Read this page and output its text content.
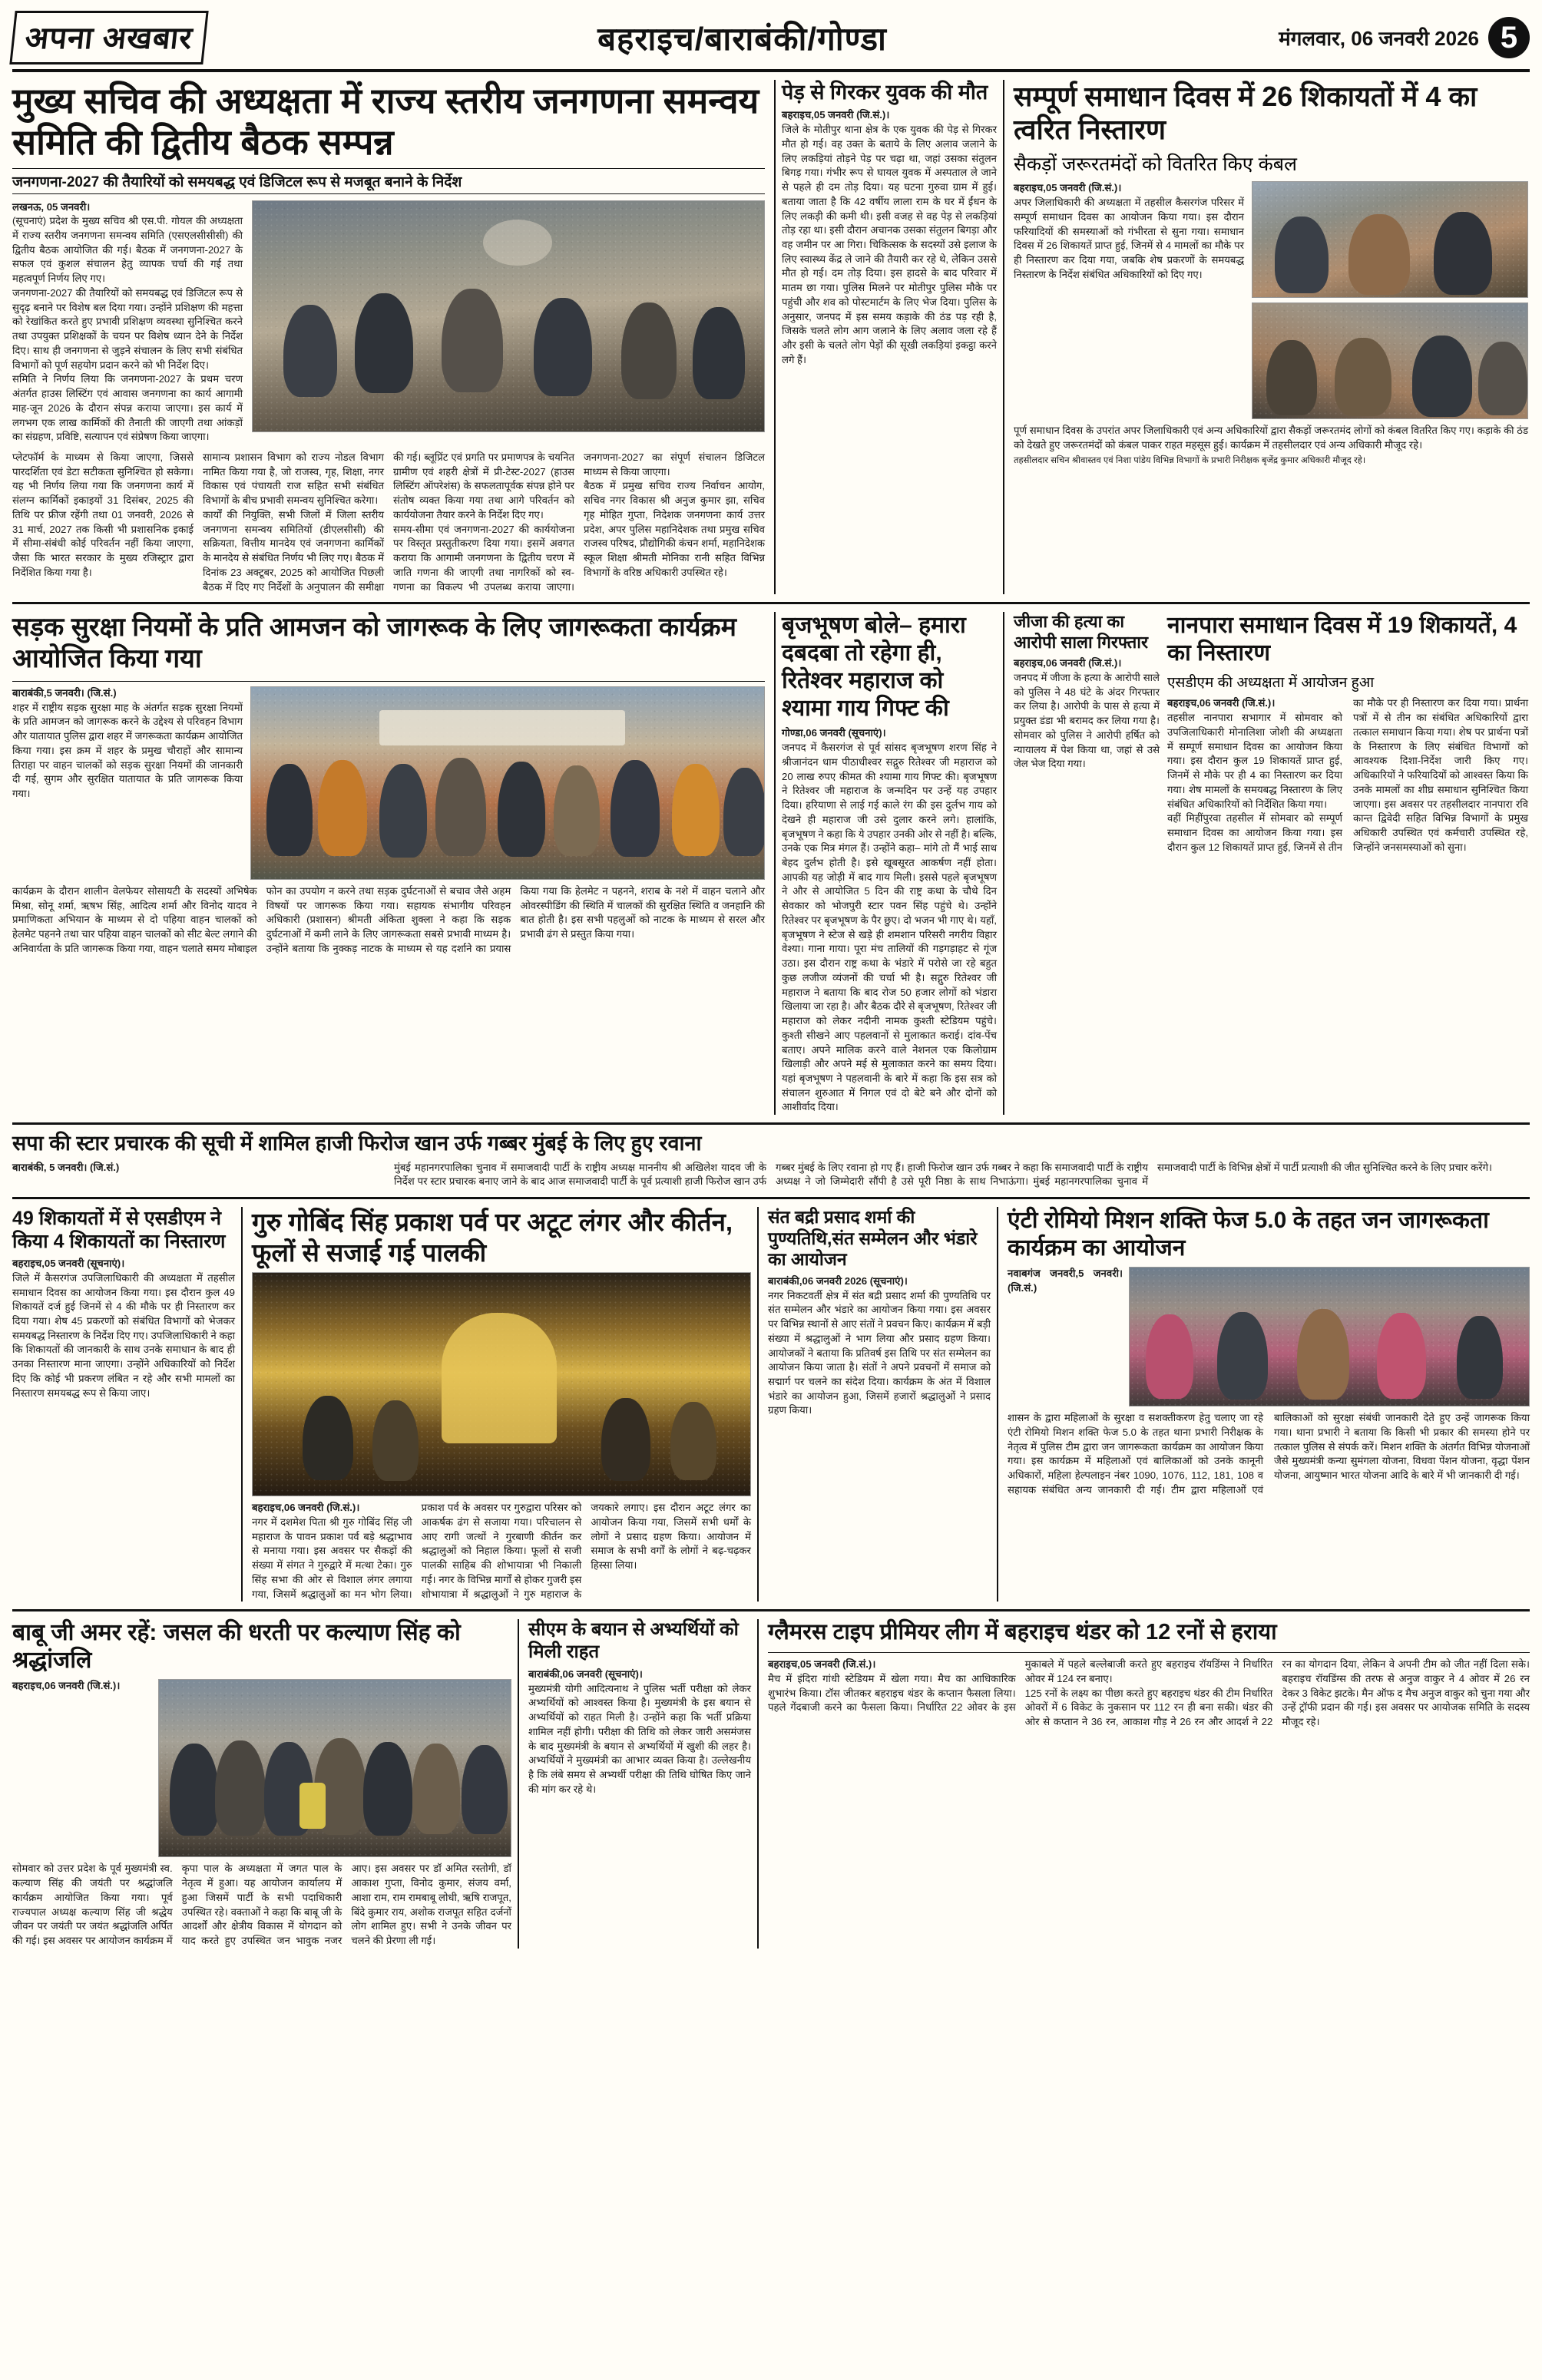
अपना अखबार	बहराइच/बाराबंकी/गोण्डा	मंगलवार, 06 जनवरी 2026 5
मुख्य सचिव की अध्यक्षता में राज्य स्तरीय जनगणना समन्वय समिति की द्वितीय बैठक सम्पन्न
जनगणना-2027 की तैयारियों को समयबद्ध एवं डिजिटल रूप से मजबूत बनाने के निर्देश
लखनऊ, 05 जनवरी।
(सूचनाएं) प्रदेश के मुख्य सचिव श्री एस.पी. गोयल की अध्यक्षता में राज्य स्तरीय जनगणना समन्वय समिति (एसएलसीसीसी) की द्वितीय बैठक आयोजित की गई। बैठक में जनगणना-2027 के सफल एवं कुशल संचालन हेतु व्यापक चर्चा की गई तथा महत्वपूर्ण निर्णय लिए गए।
जनगणना-2027 की तैयारियों को समयबद्ध एवं डिजिटल रूप से सुदृढ़ बनाने पर विशेष बल दिया गया। उन्होंने प्रशिक्षण की महत्ता को रेखांकित करते हुए प्रभावी प्रशिक्षण व्यवस्था सुनिश्चित करने तथा उपयुक्त प्रशिक्षकों के चयन पर विशेष ध्यान देने के निर्देश दिए। साथ ही जनगणना से जुड़ने संचालन के लिए सभी संबंधित विभागों को पूर्ण सहयोग प्रदान करने को भी निर्देश दिए।
समिति ने निर्णय लिया कि जनगणना-2027 के प्रथम चरण अंतर्गत हाउस लिस्टिंग एवं आवास जनगणना का कार्य आगामी माह-जून 2026 के दौरान संपन्न कराया जाएगा। इस कार्य में लगभग एक लाख कार्मिकों की तैनाती की जाएगी तथा आंकड़ों का संग्रहण, प्रविष्टि, सत्यापन एवं संप्रेषण किया जाएगा।
प्लेटफॉर्म के माध्यम से किया जाएगा, जिससे पारदर्शिता एवं डेटा सटीकता सुनिश्चित हो सकेगा। यह भी निर्णय लिया गया कि जनगणना कार्य में संलग्न कार्मिकों इकाइयों 31 दिसंबर, 2025 की तिथि पर फ्रीज रहेंगी तथा 01 जनवरी, 2026 से 31 मार्च, 2027 तक किसी भी प्रशासनिक इकाई में सीमा-संबंधी कोई परिवर्तन नहीं किया जाएगा, जैसा कि भारत सरकार के मुख्य रजिस्ट्रार द्वारा निर्देशित किया गया है।
सामान्य प्रशासन विभाग को राज्य नोडल विभाग नामित किया गया है, जो राजस्व, गृह, शिक्षा, नगर विकास एवं पंचायती राज सहित सभी संबंधित विभागों के बीच प्रभावी समन्वय सुनिश्चित करेगा।
कार्यों की नियुक्ति, सभी जिलों में जिला स्तरीय जनगणना समन्वय समितियों (डीएलसीसी) की सक्रियता, वित्तीय मानदेय एवं जनगणना कार्मिकों के मानदेय से संबंधित निर्णय भी लिए गए। बैठक में दिनांक 23 अक्टूबर, 2025 को आयोजित पिछली बैठक में दिए गए निर्देशों के अनुपालन की समीक्षा की गई। ब्लूप्रिंट एवं प्रगति पर प्रमाणपत्र के चयनित ग्रामीण एवं शहरी क्षेत्रों में प्री-टेस्ट-2027 (हाउस लिस्टिंग ऑपरेशंस) के सफलतापूर्वक संपन्न होने पर संतोष व्यक्त किया गया तथा आगे परिवर्तन को कार्ययोजना तैयार करने के निर्देश दिए गए।
समय-सीमा एवं जनगणना-2027 की कार्ययोजना पर विस्तृत प्रस्तुतीकरण दिया गया। इसमें अवगत कराया कि आगामी जनगणना के द्वितीय चरण में जाति गणना की जाएगी तथा नागरिकों को स्व-गणना का विकल्प भी उपलब्ध कराया जाएगा। जनगणना-2027 का संपूर्ण संचालन डिजिटल माध्यम से किया जाएगा।
बैठक में प्रमुख सचिव राज्य निर्वाचन आयोग, सचिव नगर विकास श्री अनुज कुमार झा, सचिव गृह मोहित गुप्ता, निदेशक जनगणना कार्य उत्तर प्रदेश, अपर पुलिस महानिदेशक तथा प्रमुख सचिव राजस्व परिषद, प्रौद्योगिकी कंचन शर्मा, महानिदेशक स्कूल शिक्षा श्रीमती मोनिका रानी सहित विभिन्न विभागों के वरिष्ठ अधिकारी उपस्थित रहे।
पेड़ से गिरकर युवक की मौत
बहराइच,05 जनवरी (जि.सं.)।
जिले के मोतीपुर थाना क्षेत्र के एक युवक की पेड़ से गिरकर मौत हो गई। वह उक्त के बताये के लिए अलाव जलाने के लिए लकड़ियां तोड़ने पेड़ पर चढ़ा था, जहां उसका संतुलन बिगड़ गया। गंभीर रूप से घायल युवक में अस्पताल ले जाने से पहले ही दम तोड़ दिया। यह घटना गुरुवा ग्राम में हुई। बताया जाता है कि 42 वर्षीय लाला राम के घर में ईंधन के लिए लकड़ी की कमी थी। इसी वजह से वह पेड़ से लकड़ियां तोड़ रहा था। इसी दौरान अचानक उसका संतुलन बिगड़ा और वह जमीन पर आ गिरा। चिकित्सक के सदस्यों उसे इलाज के लिए स्वास्थ्य केंद्र ले जाने की तैयारी कर रहे थे, लेकिन उससे मौत हो गई। दम तोड़ दिया। इस हादसे के बाद परिवार में मातम छा गया। पुलिस मिलने पर मोतीपुर पुलिस मौके पर पहुंची और शव को पोस्टमार्टम के लिए भेज दिया। पुलिस के अनुसार, जनपद में इस समय कड़ाके की ठंड पड़ रही है, जिसके चलते लोग आग जलाने के लिए अलाव जला रहे हैं और इसी के चलते लोग पेड़ों की सूखी लकड़ियां इकट्ठा करने लगे हैं।
सम्पूर्ण समाधान दिवस में 26 शिकायतों में 4 का त्वरित निस्तारण
सैकड़ों जरूरतमंदों को वितरित किए कंबल
बहराइच,05 जनवरी (जि.सं.)।
अपर जिलाधिकारी की अध्यक्षता में तहसील कैसरगंज परिसर में सम्पूर्ण समाधान दिवस का आयोजन किया गया। इस दौरान फरियादियों की समस्याओं को गंभीरता से सुना गया। समाधान दिवस में 26 शिकायतें प्राप्त हुई, जिनमें से 4 मामलों का मौके पर ही निस्तारण कर दिया गया, जबकि शेष प्रकरणों के समयबद्ध निस्तारण के निर्देश संबंधित अधिकारियों को दिए गए।
पूर्ण समाधान दिवस के उपरांत अपर जिलाधिकारी एवं अन्य अधिकारियों द्वारा सैकड़ों जरूरतमंद लोगों को कंबल वितरित किए गए। कड़ाके की ठंड को देखते हुए जरूरतमंदों को कंबल पाकर राहत महसूस हुई। कार्यक्रम में तहसीलदार एवं अन्य अधिकारी मौजूद रहे।
तहसीलदार सचिन श्रीवास्तव एवं निशा पांडेय विभिन्न विभागों के प्रभारी निरीक्षक बृजेंद्र कुमार अधिकारी मौजूद रहे।
सड़क सुरक्षा नियमों के प्रति आमजन को जागरूक के लिए जागरूकता कार्यक्रम आयोजित किया गया
बाराबंकी,5 जनवरी। (जि.सं.)
शहर में राष्ट्रीय सड़क सुरक्षा माह के अंतर्गत सड़क सुरक्षा नियमों के प्रति आमजन को जागरूक करने के उद्देश्य से परिवहन विभाग और यातायात पुलिस द्वारा शहर में जगरूकता कार्यक्रम आयोजित किया गया। इस क्रम में शहर के प्रमुख चौराहों और सामान्य तिराहा पर वाहन चालकों को सड़क सुरक्षा नियमों की जानकारी दी गई, सुगम और सुरक्षित यातायात के प्रति जागरूक किया गया।
कार्यक्रम के दौरान शालीन वेलफेयर सोसायटी के सदस्यों अभिषेक मिश्रा, सोनू शर्मा, ऋषभ सिंह, आदित्य शर्मा और विनोद यादव ने प्रमाणिकता अभियान के माध्यम से दो पहिया वाहन चालकों को हेलमेट पहनने तथा चार पहिया वाहन चालकों को सीट बेल्ट लगाने की अनिवार्यता के प्रति जागरूक किया गया, वाहन चलाते समय मोबाइल फोन का उपयोग न करने तथा सड़क दुर्घटनाओं से बचाव जैसे अहम विषयों पर जागरूक किया गया। सहायक संभागीय परिवहन अधिकारी (प्रशासन) श्रीमती अंकिता शुक्ला ने कहा कि सड़क दुर्घटनाओं में कमी लाने के लिए जागरूकता सबसे प्रभावी माध्यम है। उन्होंने बताया कि नुक्कड़ नाटक के माध्यम से यह दर्शाने का प्रयास किया गया कि हेलमेट न पहनने, शराब के नशे में वाहन चलाने और ओवरस्पीडिंग की स्थिति में चालकों की सुरक्षित स्थिति व जनहानि की बात होती है। इस सभी पहलुओं को नाटक के माध्यम से सरल और प्रभावी ढंग से प्रस्तुत किया गया।
बृजभूषण बोले– हमारा दबदबा तो रहेगा ही, रितेश्वर महाराज को श्यामा गाय गिफ्ट की
गोण्डा,06 जनवरी (सूचनाएं)।
जनपद में कैसरगंज से पूर्व सांसद बृजभूषण शरण सिंह ने श्रीजानंदन धाम पीठाधीश्वर सद्गुरु रितेश्वर जी महाराज को 20 लाख रुपए कीमत की श्यामा गाय गिफ्ट की। बृजभूषण ने रितेश्वर जी महाराज के जन्मदिन पर उन्हें यह उपहार दिया। हरियाणा से लाई गई काले रंग की इस दुर्लभ गाय को देखने ही महाराज जी उसे दुलार करने लगे। हालांकि, बृजभूषण ने कहा कि ये उपहार उनकी ओर से नहीं है। बल्कि, उनके एक मित्र मंगल हैं। उन्होंने कहा– मांगे तो मैं भाई साथ बेहद दुर्लभ होती है। इसे खूबसूरत आकर्षण नहीं होता। आपकी यह जोड़ी में बाद गाय मिली। इससे पहले बृजभूषण ने और से आयोजित 5 दिन की राष्ट्र कथा के चौथे दिन सेवकार को भोजपुरी स्टार पवन सिंह पहुंचे थे। उन्होंने रितेश्वर पर बृजभूषण के पैर छुए। दो भजन भी गाए थे। यहाँ, बृजभूषण ने स्टेज से खड़े ही शमशान परिसरी नगरीय विहार वेश्या। गाना गाया। पूरा मंच तालियों की गड़गड़ाहट से गूंज उठा। इस दौरान राष्ट्र कथा के भंडारे में परोसे जा रहे बहुत कुछ लजीज व्यंजनों की चर्चा भी है। सद्गुरु रितेश्वर जी महाराज ने बताया कि बाद रोज 50 हजार लोगों को भंडारा खिलाया जा रहा है। और बैठक दौरे से बृजभूषण, रितेश्वर जी महाराज को लेकर नदीनी नामक कुश्ती स्टेडियम पहुंचे। कुश्ती सीखने आए पहलवानों से मुलाकात कराई। दांव-पेंच बताए। अपने मालिक करने वाले नेशनल एक किलोग्राम खिलाड़ी और अपने मई से मुलाकात करने का समय दिया। यहां बृजभूषण ने पहलवानी के बारे में कहा कि इस सत्र को संचालन शुरुआत में निगल एवं दो बेटे बने और दोनों को आशीर्वाद दिया।
जीजा की हत्या का आरोपी साला गिरफ्तार
बहराइच,06 जनवरी (जि.सं.)।
जनपद में जीजा के हत्या के आरोपी साले को पुलिस ने 48 घंटे के अंदर गिरफ्तार कर लिया है। आरोपी के पास से हत्या में प्रयुक्त डंडा भी बरामद कर लिया गया है। सोमवार को पुलिस ने आरोपी हर्षित को न्यायालय में पेश किया था, जहां से उसे जेल भेज दिया गया।
नानपारा समाधान दिवस में 19 शिकायतें, 4 का निस्तारण
एसडीएम की अध्यक्षता में आयोजन हुआ
बहराइच,06 जनवरी (जि.सं.)।
तहसील नानपारा सभागार में सोमवार को उपजिलाधिकारी मोनालिशा जोशी की अध्यक्षता में सम्पूर्ण समाधान दिवस का आयोजन किया गया। इस दौरान कुल 19 शिकायतें प्राप्त हुई, जिनमें से मौके पर ही 4 का निस्तारण कर दिया गया। शेष मामलों के समयबद्ध निस्तारण के लिए संबंधित अधिकारियों को निर्देशित किया गया।
वहीं मिहींपुरवा तहसील में सोमवार को सम्पूर्ण समाधान दिवस का आयोजन किया गया। इस दौरान कुल 12 शिकायतें प्राप्त हुई, जिनमें से तीन का मौके पर ही निस्तारण कर दिया गया। प्रार्थना पत्रों में से तीन का संबंधित अधिकारियों द्वारा तत्काल समाधान किया गया। शेष पर प्रार्थना पत्रों के निस्तारण के लिए संबंधित विभागों को आवश्यक दिशा-निर्देश जारी किए गए। अधिकारियों ने फरियादियों को आश्वस्त किया कि उनके मामलों का शीघ्र समाधान सुनिश्चित किया जाएगा। इस अवसर पर तहसीलदार नानपारा रवि कान्त द्विवेदी सहित विभिन्न विभागों के प्रमुख अधिकारी उपस्थित एवं कर्मचारी उपस्थित रहे, जिन्होंने जनसमस्याओं को सुना।
सपा की स्टार प्रचारक की सूची में शामिल हाजी फिरोज खान उर्फ गब्बर मुंबई के लिए हुए रवाना
बाराबंकी, 5 जनवरी। (जि.सं.)	मुंबई महानगरपालिका चुनाव में समाजवादी पार्टी के राष्ट्रीय अध्यक्ष माननीय श्री अखिलेश यादव जी के निर्देश पर स्टार प्रचारक बनाए जाने के बाद आज समाजवादी पार्टी के पूर्व प्रत्याशी हाजी फिरोज खान उर्फ गब्बर मुंबई के लिए रवाना हो गए हैं। हाजी फिरोज खान उर्फ गब्बर ने कहा कि समाजवादी पार्टी के राष्ट्रीय अध्यक्ष ने जो जिम्मेदारी सौंपी है उसे पूरी निष्ठा के साथ निभाऊंगा। मुंबई महानगरपालिका चुनाव में समाजवादी पार्टी के विभिन्न क्षेत्रों में पार्टी प्रत्याशी की जीत सुनिश्चित करने के लिए प्रचार करेंगे।
49 शिकायतों में से एसडीएम ने किया 4 शिकायतों का निस्तारण
बहराइच,05 जनवरी (सूचनाएं)।
जिले में कैसरगंज उपजिलाधिकारी की अध्यक्षता में तहसील समाधान दिवस का आयोजन किया गया। इस दौरान कुल 49 शिकायतें दर्ज हुई जिनमें से 4 की मौके पर ही निस्तारण कर दिया गया। शेष 45 प्रकरणों को संबंधित विभागों को भेजकर समयबद्ध निस्तारण के निर्देश दिए गए। उपजिलाधिकारी ने कहा कि शिकायतों की जानकारी के साथ उनके समाधान के बाद ही उनका निस्तारण माना जाएगा। उन्होंने अधिकारियों को निर्देश दिए कि कोई भी प्रकरण लंबित न रहे और सभी मामलों का निस्तारण समयबद्ध रूप से किया जाए।
गुरु गोबिंद सिंह प्रकाश पर्व पर अटूट लंगर और कीर्तन, फूलों से सजाई गई पालकी
बहराइच,06 जनवरी (जि.सं.)।
नगर में दशमेश पिता श्री गुरु गोबिंद सिंह जी महाराज के पावन प्रकाश पर्व बड़े श्रद्धाभाव से मनाया गया। इस अवसर पर सैकड़ों की संख्या में संगत ने गुरुद्वारे में मत्था टेका। गुरु सिंह सभा की ओर से विशाल लंगर लगाया गया, जिसमें श्रद्धालुओं का मन भोग लिया। प्रकाश पर्व के अवसर पर गुरुद्वारा परिसर को आकर्षक ढंग से सजाया गया। परिचालन से आए रागी जत्थों ने गुरबाणी कीर्तन कर श्रद्धालुओं को निहाल किया। फूलों से सजी पालकी साहिब की शोभायात्रा भी निकाली गई। नगर के विभिन्न मार्गों से होकर गुजरी इस शोभायात्रा में श्रद्धालुओं ने गुरु महाराज के जयकारे लगाए। इस दौरान अटूट लंगर का आयोजन किया गया, जिसमें सभी धर्मों के लोगों ने प्रसाद ग्रहण किया। आयोजन में समाज के सभी वर्गों के लोगों ने बढ़-चढ़कर हिस्सा लिया।
संत बद्री प्रसाद शर्मा की पुण्यतिथि,संत सम्मेलन और भंडारे का आयोजन
बाराबंकी,06 जनवरी 2026 (सूचनाएं)।
नगर निकटवर्ती क्षेत्र में संत बद्री प्रसाद शर्मा की पुण्यतिथि पर संत सम्मेलन और भंडारे का आयोजन किया गया। इस अवसर पर विभिन्न स्थानों से आए संतों ने प्रवचन किए। कार्यक्रम में बड़ी संख्या में श्रद्धालुओं ने भाग लिया और प्रसाद ग्रहण किया। आयोजकों ने बताया कि प्रतिवर्ष इस तिथि पर संत सम्मेलन का आयोजन किया जाता है। संतों ने अपने प्रवचनों में समाज को सद्मार्ग पर चलने का संदेश दिया। कार्यक्रम के अंत में विशाल भंडारे का आयोजन हुआ, जिसमें हजारों श्रद्धालुओं ने प्रसाद ग्रहण किया।
एंटी रोमियो मिशन शक्ति फेज 5.0 के तहत जन जागरूकता कार्यक्रम का आयोजन
नवाबगंज जनवरी,5 जनवरी। (जि.सं.)
शासन के द्वारा महिलाओं के सुरक्षा व सशक्तीकरण हेतु चलाए जा रहे एंटी रोमियो मिशन शक्ति फेज 5.0 के तहत थाना प्रभारी निरीक्षक के नेतृत्व में पुलिस टीम द्वारा जन जागरूकता कार्यक्रम का आयोजन किया गया। इस कार्यक्रम में महिलाओं एवं बालिकाओं को उनके कानूनी अधिकारों, महिला हेल्पलाइन नंबर 1090, 1076, 112, 181, 108 व सहायक संबंधित अन्य जानकारी दी गई। टीम द्वारा महिलाओं एवं बालिकाओं को सुरक्षा संबंधी जानकारी देते हुए उन्हें जागरूक किया गया। थाना प्रभारी ने बताया कि किसी भी प्रकार की समस्या होने पर तत्काल पुलिस से संपर्क करें। मिशन शक्ति के अंतर्गत विभिन्न योजनाओं जैसे मुख्यमंत्री कन्या सुमंगला योजना, विधवा पेंशन योजना, वृद्धा पेंशन योजना, आयुष्मान भारत योजना आदि के बारे में भी जानकारी दी गई।
बाबू जी अमर रहें: जसल की धरती पर कल्याण सिंह को श्रद्धांजलि
बहराइच,06 जनवरी (जि.सं.)।
सोमवार को उत्तर प्रदेश के पूर्व मुख्यमंत्री स्व. कल्याण सिंह की जयंती पर श्रद्धांजलि कार्यक्रम आयोजित किया गया। पूर्व राज्यपाल अध्यक्ष कल्याण सिंह जी श्रद्धेय जीवन पर जयंती पर जयंत श्रद्धांजलि अर्पित की गई। इस अवसर पर आयोजन कार्यक्रम में कृपा पाल के अध्यक्षता में जगत पाल के नेतृत्व में हुआ। यह आयोजन कार्यालय में हुआ जिसमें पार्टी के सभी पदाधिकारी उपस्थित रहे। वक्ताओं ने कहा कि बाबू जी के आदर्शों और क्षेत्रीय विकास में योगदान को याद करते हुए उपस्थित जन भावुक नजर आए। इस अवसर पर डॉ अमित रस्तोगी, डॉ आकाश गुप्ता, विनोद कुमार, संजय वर्मा, आशा राम, राम रामबाबू लोधी, ऋषि राजपूत, बिंदे कुमार राय, अशोक राजपूत सहित दर्जनों लोग शामिल हुए। सभी ने उनके जीवन पर चलने की प्रेरणा ली गई।
सीएम के बयान से अभ्यर्थियों को मिली राहत
बाराबंकी,06 जनवरी (सूचनाएं)।
मुख्यमंत्री योगी आदित्यनाथ ने पुलिस भर्ती परीक्षा को लेकर अभ्यर्थियों को आश्वस्त किया है। मुख्यमंत्री के इस बयान से अभ्यर्थियों को राहत मिली है। उन्होंने कहा कि भर्ती प्रक्रिया शामिल नहीं होगी। परीक्षा की तिथि को लेकर जारी असमंजस के बाद मुख्यमंत्री के बयान से अभ्यर्थियों में खुशी की लहर है। अभ्यर्थियों ने मुख्यमंत्री का आभार व्यक्त किया है। उल्लेखनीय है कि लंबे समय से अभ्यर्थी परीक्षा की तिथि घोषित किए जाने की मांग कर रहे थे।
ग्लैमरस टाइप प्रीमियर लीग में बहराइच थंडर को 12 रनों से हराया
बहराइच,05 जनवरी (जि.सं.)।
मैच में इंदिरा गांधी स्टेडियम में खेला गया। मैच का आधिकारिक शुभारंभ किया। टॉस जीतकर बहराइच थंडर के कप्तान फैसला लिया। पहले गेंदबाजी करने का फैसला किया। निर्धारित 22 ओवर के इस मुकाबले में पहले बल्लेबाजी करते हुए बहराइच रॉयडिंग्स ने निर्धारित ओवर में 124 रन बनाए।
125 रनों के लक्ष्य का पीछा करते हुए बहराइच थंडर की टीम निर्धारित ओवरों में 6 विकेट के नुकसान पर 112 रन ही बना सकी। थंडर की ओर से कप्तान ने 36 रन, आकाश गौड़ ने 26 रन और आदर्श ने 22 रन का योगदान दिया, लेकिन वे अपनी टीम को जीत नहीं दिला सके। बहराइच रॉयडिंग्स की तरफ से अनुज वाकुर ने 4 ओवर में 26 रन देकर 3 विकेट झटके। मैन ऑफ द मैच अनुज वाकुर को चुना गया और उन्हें ट्रॉफी प्रदान की गई। इस अवसर पर आयोजक समिति के सदस्य मौजूद रहे।
